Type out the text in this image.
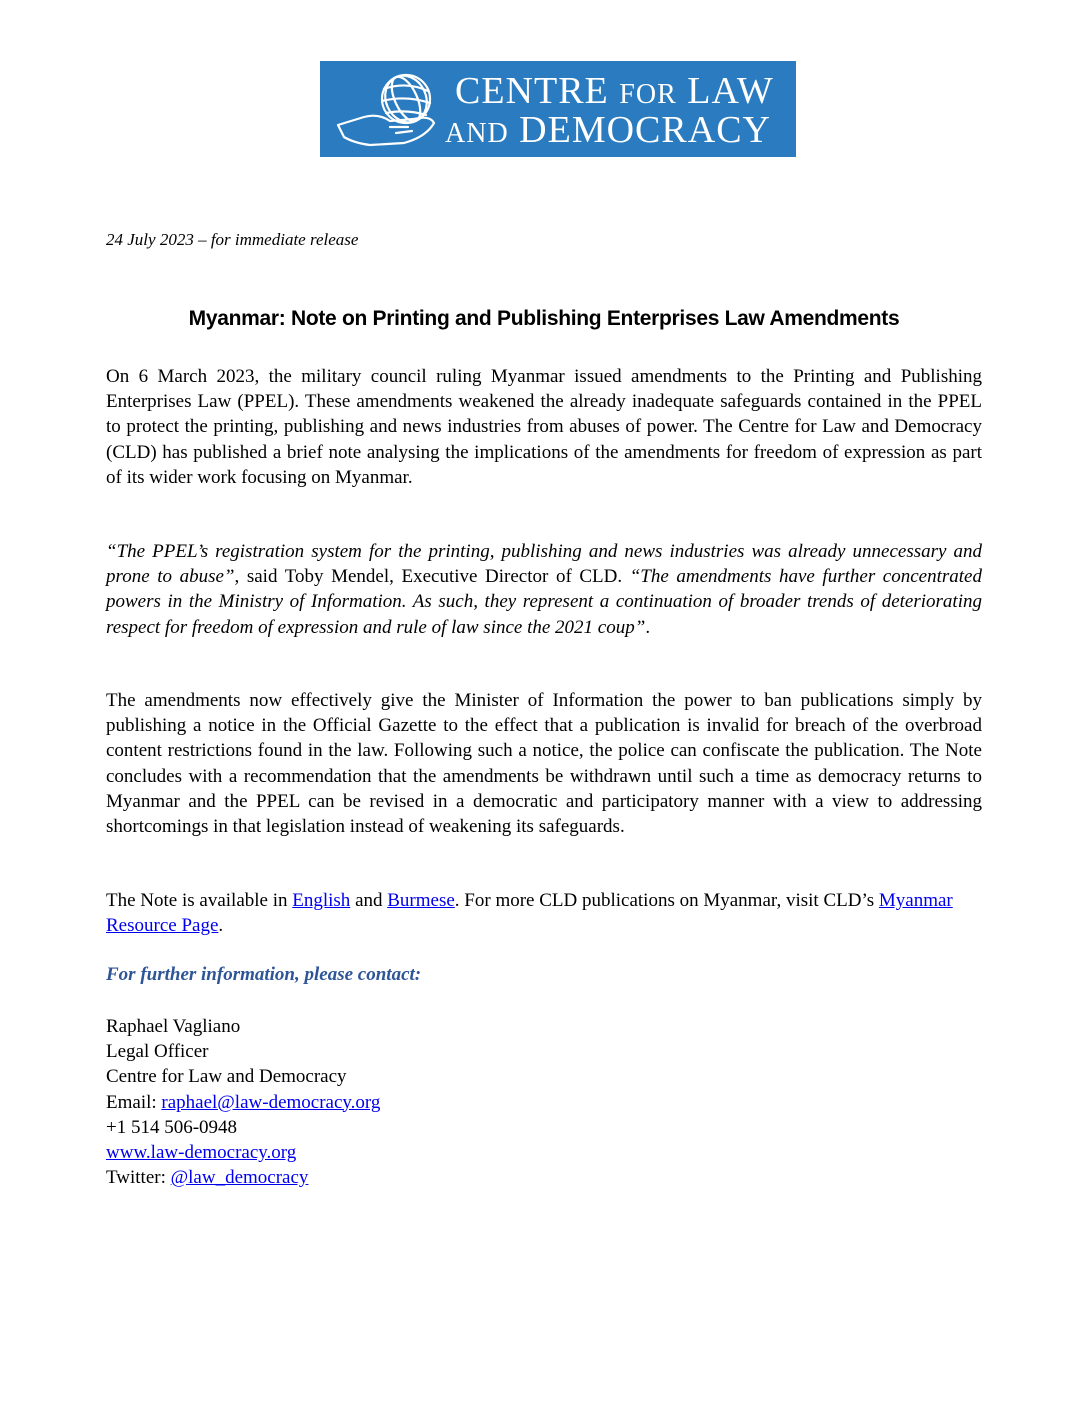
CENTRE FOR LAW
AND DEMOCRACY
24 July 2023 – for immediate release
Myanmar: Note on Printing and Publishing Enterprises Law Amendments
On 6 March 2023, the military council ruling Myanmar issued amendments to the Printing and Publishing Enterprises Law (PPEL). These amendments weakened the already inadequate safeguards contained in the PPEL to protect the printing, publishing and news industries from abuses of power. The Centre for Law and Democracy (CLD) has published a brief note analysing the implications of the amendments for freedom of expression as part of its wider work focusing on Myanmar.
“The PPEL’s registration system for the printing, publishing and news industries was already unnecessary and prone to abuse”, said Toby Mendel, Executive Director of CLD. “The amendments have further concentrated powers in the Ministry of Information. As such, they represent a continuation of broader trends of deteriorating respect for freedom of expression and rule of law since the 2021 coup”.
The amendments now effectively give the Minister of Information the power to ban publications simply by publishing a notice in the Official Gazette to the effect that a publication is invalid for breach of the overbroad content restrictions found in the law. Following such a notice, the police can confiscate the publication. The Note concludes with a recommendation that the amendments be withdrawn until such a time as democracy returns to Myanmar and the PPEL can be revised in a democratic and participatory manner with a view to addressing shortcomings in that legislation instead of weakening its safeguards.
The Note is available in English and Burmese. For more CLD publications on Myanmar, visit CLD’s Myanmar Resource Page.
For further information, please contact:
Raphael Vagliano
Legal Officer
Centre for Law and Democracy
Email: raphael@law-democracy.org
+1 514 506-0948
www.law-democracy.org
Twitter: @law_democracy
